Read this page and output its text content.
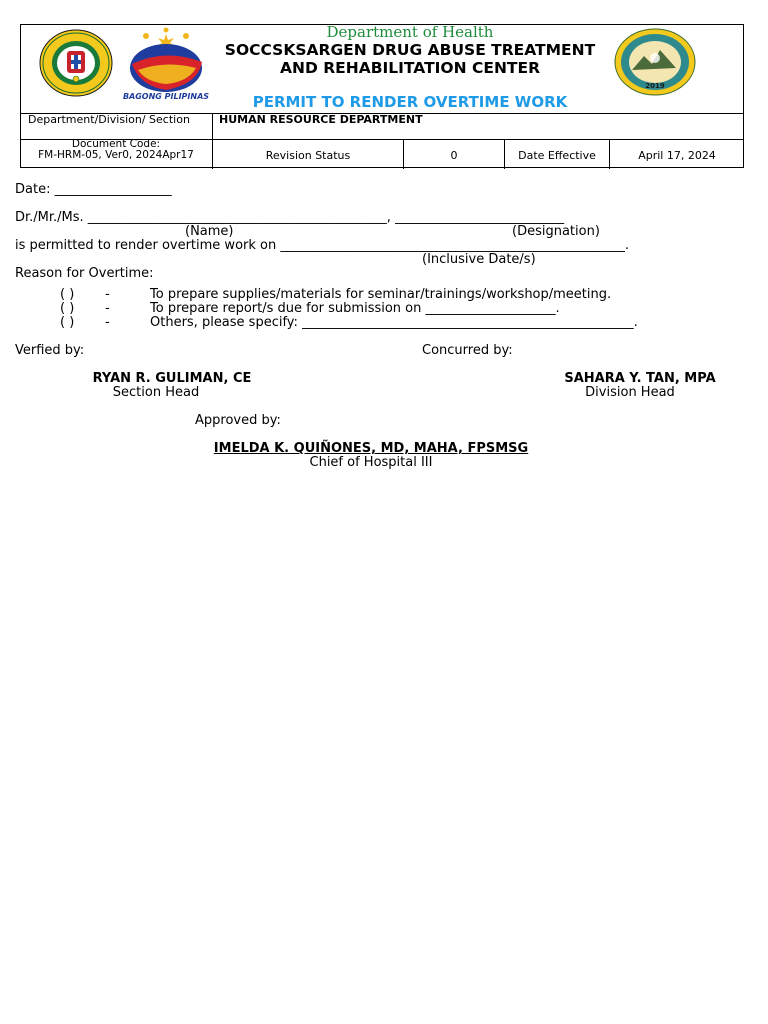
BAGONG PILIPINAS
2019
Department of Health
SOCCSKSARGEN DRUG ABUSE TREATMENT AND REHABILITATION CENTER
PERMIT TO RENDER OVERTIME WORK
Department/Division/ Section	HUMAN RESOURCE DEPARTMENT
Document Code:
FM-HRM-05, Ver0, 2024Apr17	Revision Status	0	Date Effective	April 17, 2024
Date: __________________
Dr./Mr./Ms. ______________________________________________, __________________________
(Name)	(Designation)
is permitted to render overtime work on _____________________________________________________.
(Inclusive Date/s)
Reason for Overtime:
( ) -	To prepare supplies/materials for seminar/trainings/workshop/meeting.
( ) -	To prepare report/s due for submission on ____________________.
( ) -	Others, please specify: ___________________________________________________.
Verfied by:	Concurred by:
RYAN R. GULIMAN, CE
Section Head
SAHARA Y. TAN, MPA
Division Head
Approved by:
IMELDA K. QUIÑONES, MD, MAHA, FPSMSG
Chief of Hospital III
